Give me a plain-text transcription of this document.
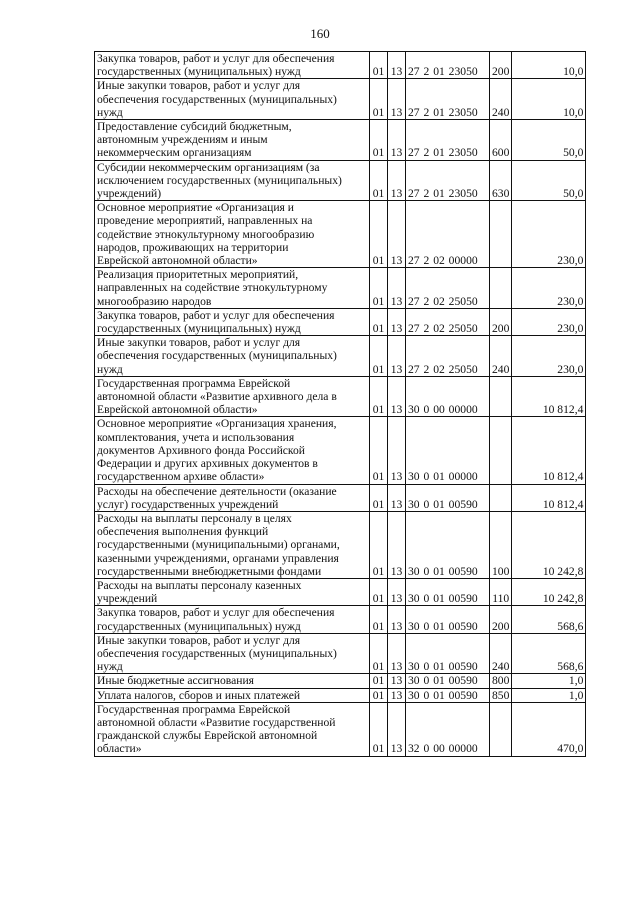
160
Закупка товаров, работ и услуг для обеспечения
государственных (муниципальных) нужд	01	13	27 2 01 23050	200	10,0

Иные закупки товаров, работ и услуг для
обеспечения государственных (муниципальных)
нужд	01	13	27 2 01 23050	240	10,0

Предоставление субсидий бюджетным,
автономным учреждениям и иным
некоммерческим организациям	01	13	27 2 01 23050	600	50,0

Субсидии некоммерческим организациям (за
исключением государственных (муниципальных)
учреждений)	01	13	27 2 01 23050	630	50,0

Основное мероприятие «Организация и
проведение мероприятий, направленных на
содействие этнокультурному многообразию
народов, проживающих на территории
Еврейской автономной области»	01	13	27 2 02 00000		230,0

Реализация приоритетных мероприятий,
направленных на содействие этнокультурному
многообразию народов	01	13	27 2 02 25050		230,0

Закупка товаров, работ и услуг для обеспечения
государственных (муниципальных) нужд	01	13	27 2 02 25050	200	230,0

Иные закупки товаров, работ и услуг для
обеспечения государственных (муниципальных)
нужд	01	13	27 2 02 25050	240	230,0

Государственная программа Еврейской
автономной области «Развитие архивного дела в
Еврейской автономной области»	01	13	30 0 00 00000		10 812,4

Основное мероприятие «Организация хранения,
комплектования, учета и использования
документов Архивного фонда Российской
Федерации и других архивных документов в
государственном архиве области»	01	13	30 0 01 00000		10 812,4

Расходы на обеспечение деятельности (оказание
услуг) государственных учреждений	01	13	30 0 01 00590		10 812,4

Расходы на выплаты персоналу в целях
обеспечения выполнения функций
государственными (муниципальными) органами,
казенными учреждениями, органами управления
государственными внебюджетными фондами	01	13	30 0 01 00590	100	10 242,8

Расходы на выплаты персоналу казенных
учреждений	01	13	30 0 01 00590	110	10 242,8

Закупка товаров, работ и услуг для обеспечения
государственных (муниципальных) нужд	01	13	30 0 01 00590	200	568,6

Иные закупки товаров, работ и услуг для
обеспечения государственных (муниципальных)
нужд	01	13	30 0 01 00590	240	568,6

Иные бюджетные ассигнования	01	13	30 0 01 00590	800	1,0

Уплата налогов, сборов и иных платежей	01	13	30 0 01 00590	850	1,0

Государственная программа Еврейской
автономной области «Развитие государственной
гражданской службы Еврейской автономной
области»	01	13	32 0 00 00000		470,0
